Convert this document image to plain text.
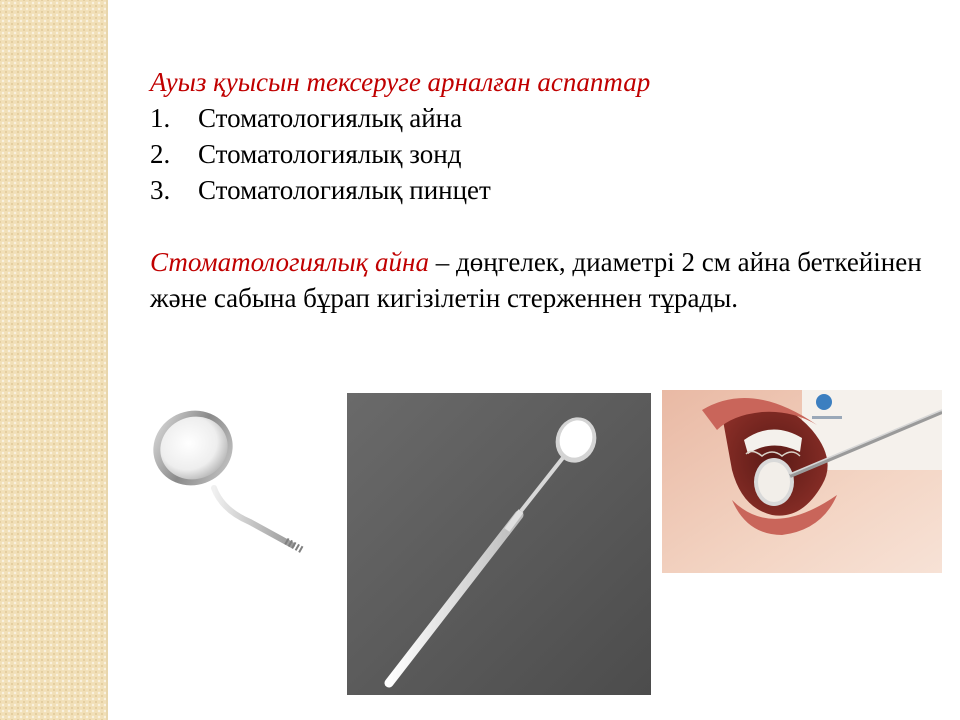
Ауыз қуысын тексеруге арналған аспаптар
1.	Стоматологиялық айна
2.	Стоматологиялық зонд
3.	Стоматологиялық пинцет
Стоматологиялық айна – дөңгелек, диаметрі 2 см айна беткейінен және сабына бұрап кигізілетін стерженнен тұрады.
